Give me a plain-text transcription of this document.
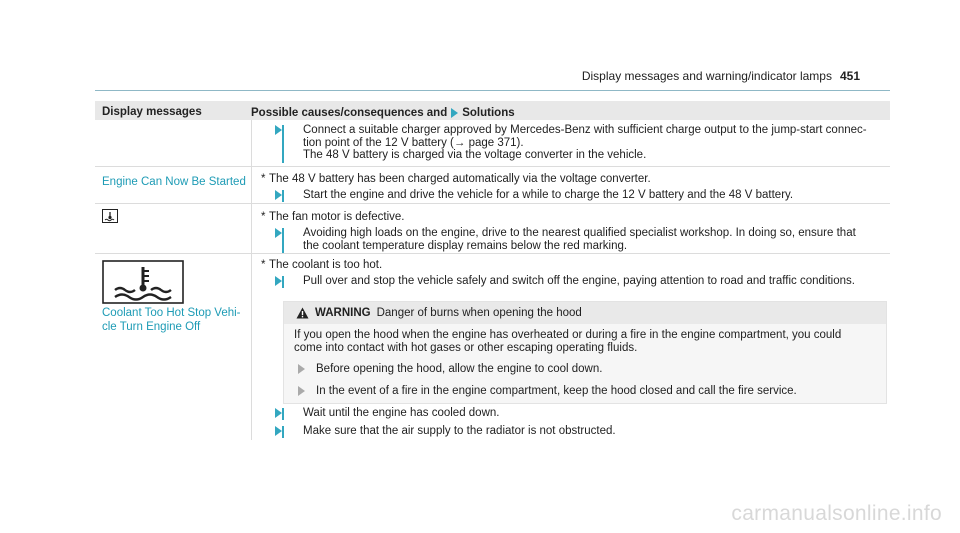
Display messages and warning/indicator lamps 451
Display messages	Possible causes/consequences and Solutions
Connect a suitable charger approved by Mercedes-Benz with sufficient charge output to the jump-start connec-
tion point of the 12 V battery (→ page 371).
The 48 V battery is charged via the voltage converter in the vehicle.
Engine Can Now Be Started * The 48 V battery has been charged automatically via the voltage converter.
Start the engine and drive the vehicle for a while to charge the 12 V battery and the 48 V battery.
* The fan motor is defective.
Avoiding high loads on the engine, drive to the nearest qualified specialist workshop. In doing so, ensure that
the coolant temperature display remains below the red marking.
Coolant Too Hot Stop Vehi-
cle Turn Engine Off
* The coolant is too hot.
Pull over and stop the vehicle safely and switch off the engine, paying attention to road and traffic conditions.
WARNING Danger of burns when opening the hood
If you open the hood when the engine has overheated or during a fire in the engine compartment, you could
come into contact with hot gases or other escaping operating fluids.
Before opening the hood, allow the engine to cool down.
In the event of a fire in the engine compartment, keep the hood closed and call the fire service.
Wait until the engine has cooled down.
Make sure that the air supply to the radiator is not obstructed.
carmanualsonline.info
